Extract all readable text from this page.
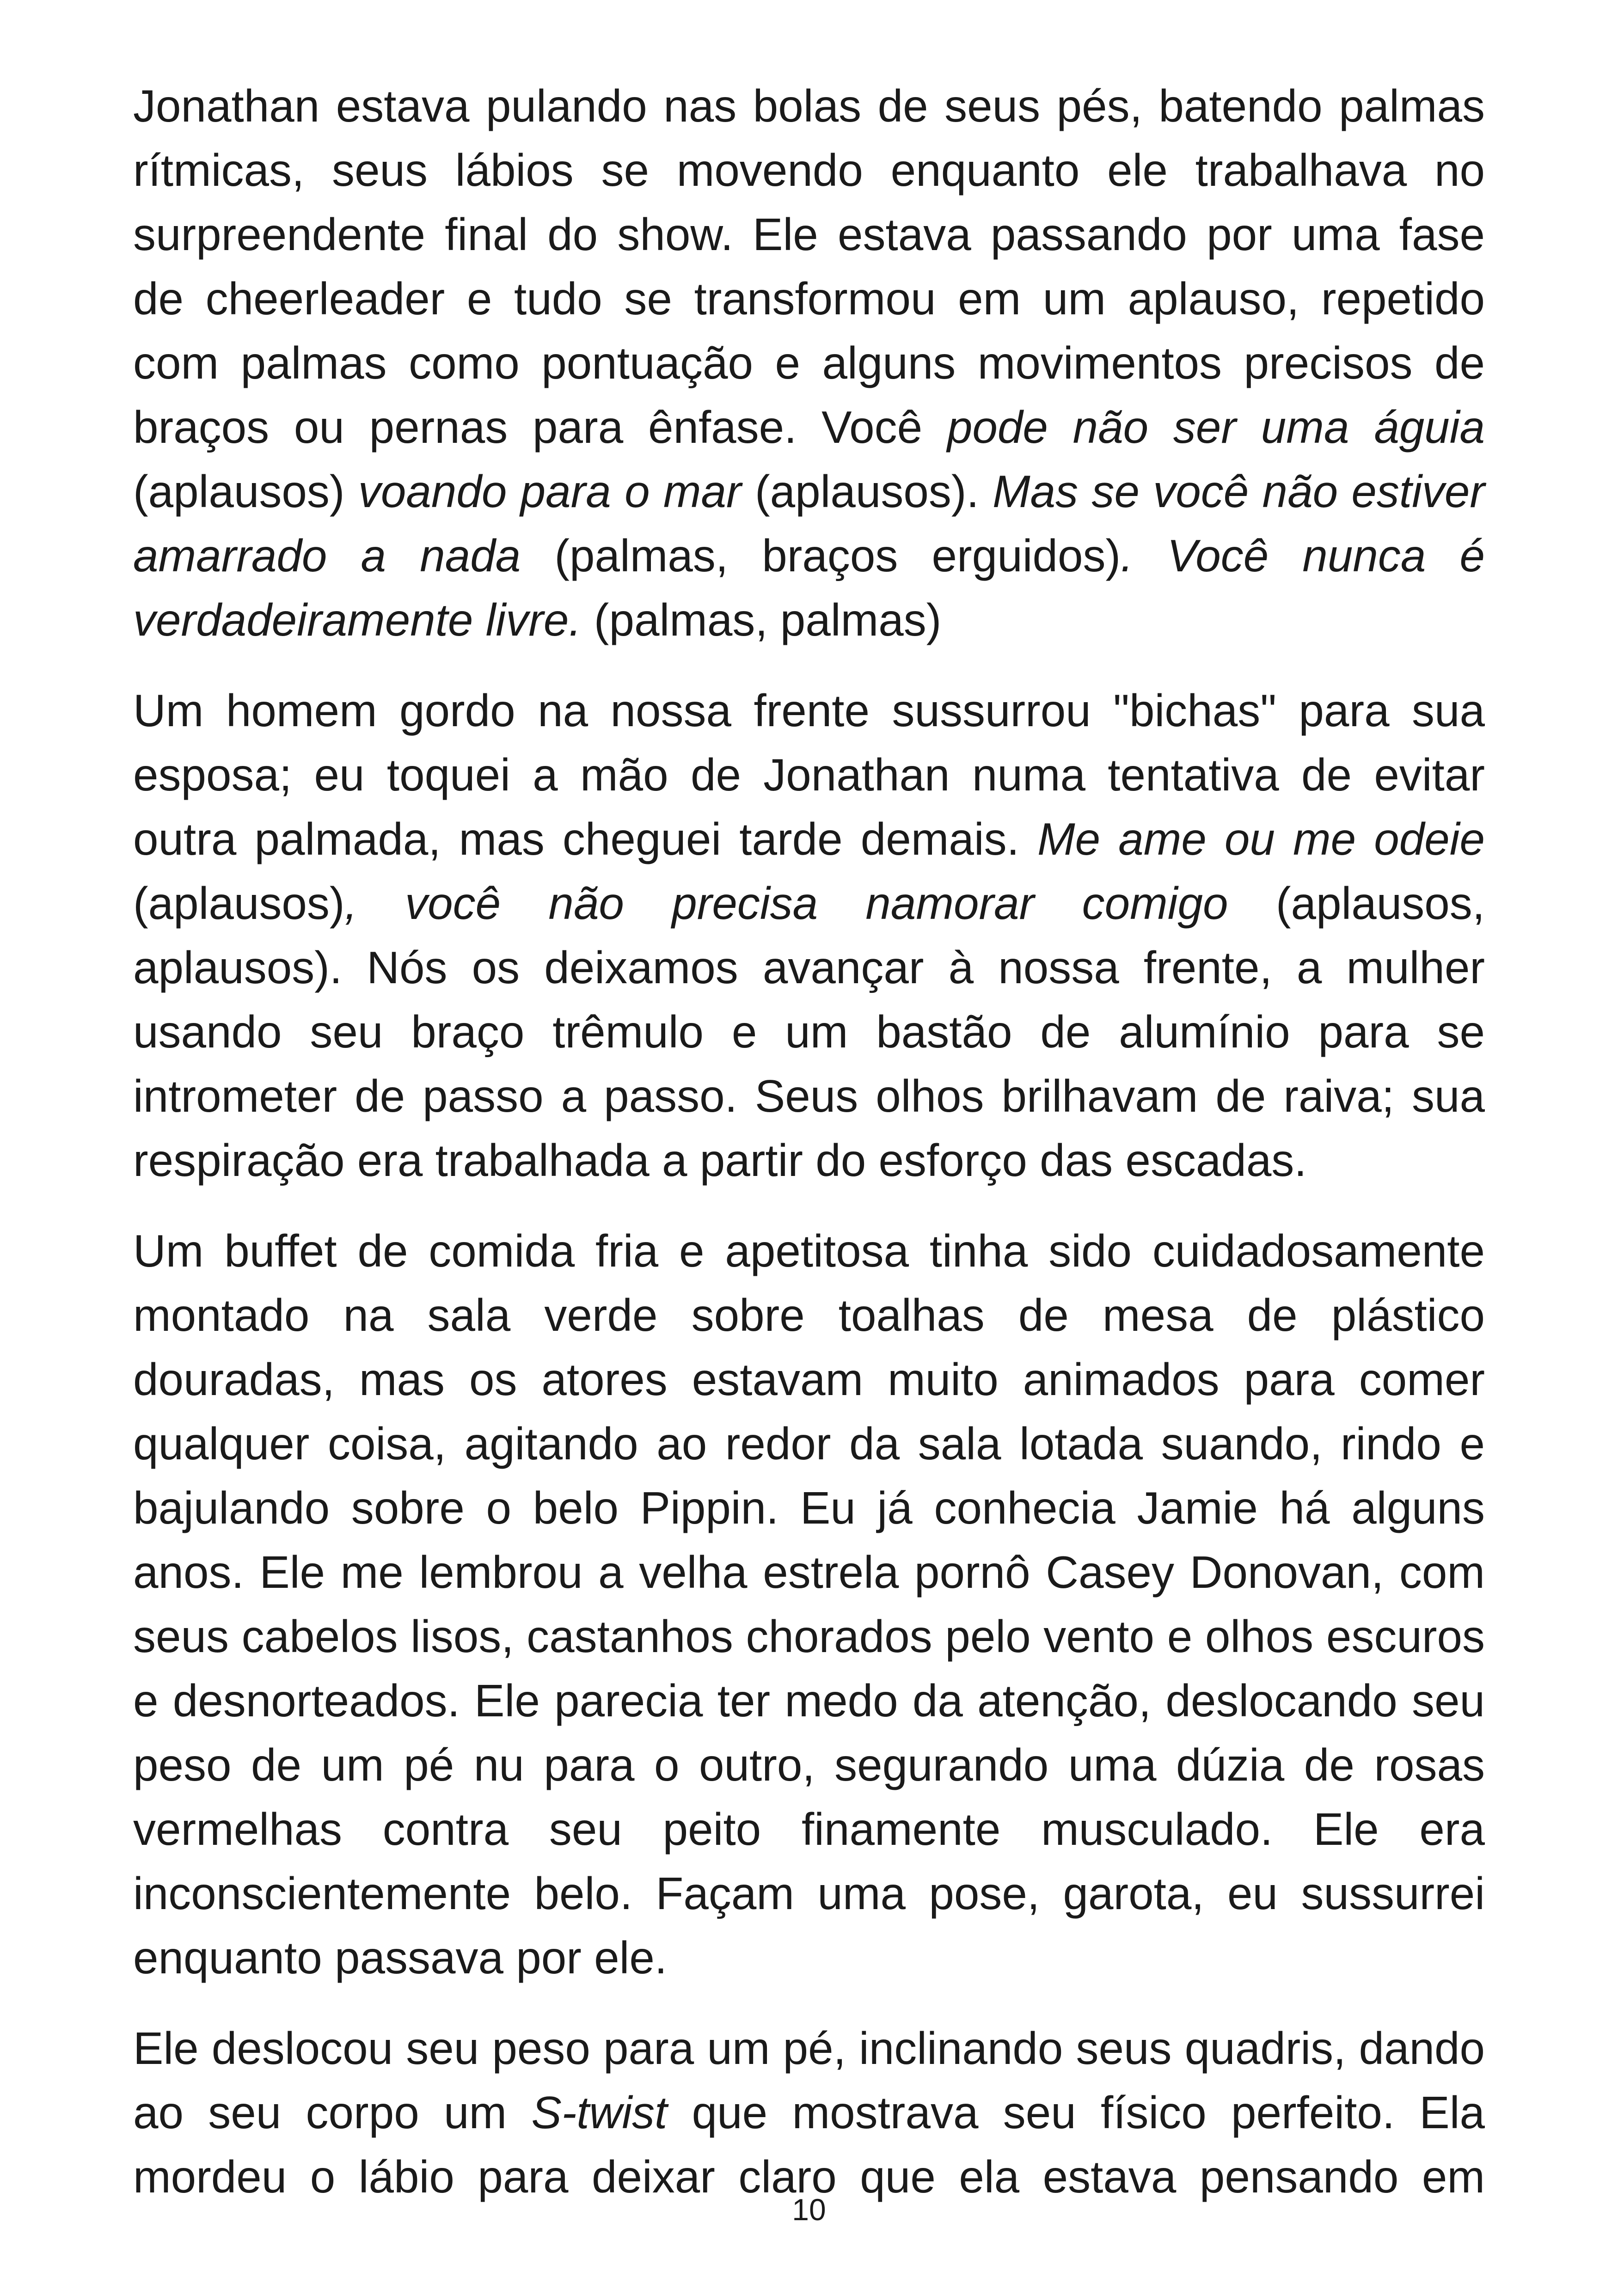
Jonathan estava pulando nas bolas de seus pés, batendo palmas rítmicas, seus lábios se movendo enquanto ele trabalhava no surpreendente final do show. Ele estava passando por uma fase de cheerleader e tudo se transformou em um aplauso, repetido com palmas como pontuação e alguns movimentos precisos de braços ou pernas para ênfase. Você pode não ser uma águia (aplausos) voando para o mar (aplausos). Mas se você não estiver amarrado a nada (palmas, braços erguidos). Você nunca é verdadeiramente livre. (palmas, palmas)

Um homem gordo na nossa frente sussurrou "bichas" para sua esposa; eu toquei a mão de Jonathan numa tentativa de evitar outra palmada, mas cheguei tarde demais. Me ame ou me odeie (aplausos), você não precisa namorar comigo (aplausos, aplausos). Nós os deixamos avançar à nossa frente, a mulher usando seu braço trêmulo e um bastão de alumínio para se intrometer de passo a passo. Seus olhos brilhavam de raiva; sua respiração era trabalhada a partir do esforço das escadas.

Um buffet de comida fria e apetitosa tinha sido cuidadosamente montado na sala verde sobre toalhas de mesa de plástico douradas, mas os atores estavam muito animados para comer qualquer coisa, agitando ao redor da sala lotada suando, rindo e bajulando sobre o belo Pippin. Eu já conhecia Jamie há alguns anos. Ele me lembrou a velha estrela pornô Casey Donovan, com seus cabelos lisos, castanhos chorados pelo vento e olhos escuros e desnorteados. Ele parecia ter medo da atenção, deslocando seu peso de um pé nu para o outro, segurando uma dúzia de rosas vermelhas contra seu peito finamente musculado. Ele era inconscientemente belo. Façam uma pose, garota, eu sussurrei enquanto passava por ele.

Ele deslocou seu peso para um pé, inclinando seus quadris, dando ao seu corpo um S-twist que mostrava seu físico perfeito. Ela mordeu o lábio para deixar claro que ela estava pensando em

10
